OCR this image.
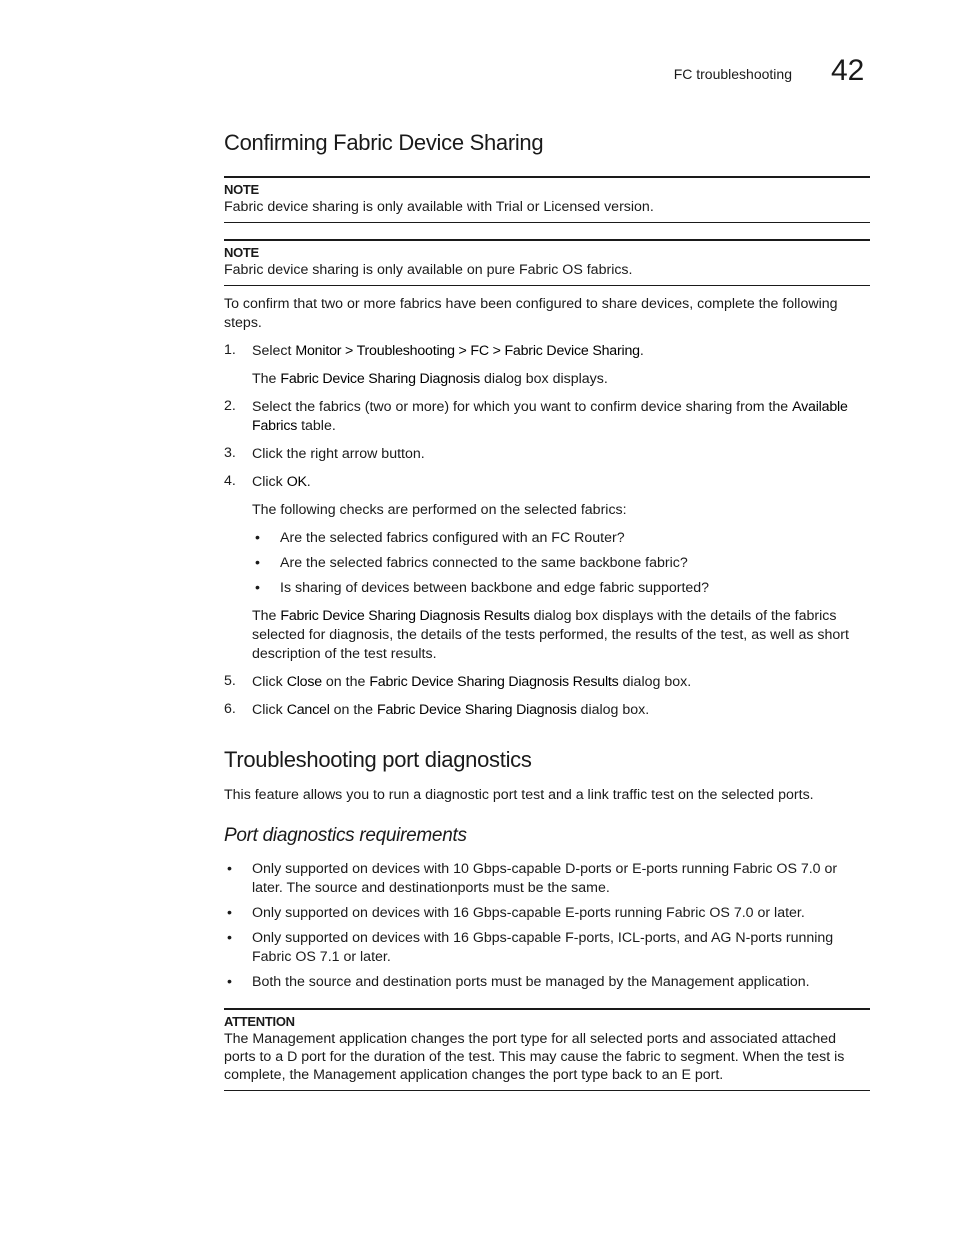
FC troubleshooting 42
Confirming Fabric Device Sharing
NOTE
Fabric device sharing is only available with Trial or Licensed version.
NOTE
Fabric device sharing is only available on pure Fabric OS fabrics.

To confirm that two or more fabrics have been configured to share devices, complete the following steps.

1. Select Monitor > Troubleshooting > FC > Fabric Device Sharing.

The Fabric Device Sharing Diagnosis dialog box displays.

2. Select the fabrics (two or more) for which you want to confirm device sharing from the Available Fabrics table.

3. Click the right arrow button.

4. Click OK.

The following checks are performed on the selected fabrics:

• Are the selected fabrics configured with an FC Router?
• Are the selected fabrics connected to the same backbone fabric?
• Is sharing of devices between backbone and edge fabric supported?

The Fabric Device Sharing Diagnosis Results dialog box displays with the details of the fabrics selected for diagnosis, the details of the tests performed, the results of the test, as well as short description of the test results.

5. Click Close on the Fabric Device Sharing Diagnosis Results dialog box.

6. Click Cancel on the Fabric Device Sharing Diagnosis dialog box.

Troubleshooting port diagnostics

This feature allows you to run a diagnostic port test and a link traffic test on the selected ports.

Port diagnostics requirements
• Only supported on devices with 10 Gbps-capable D-ports or E-ports running Fabric OS 7.0 or later. The source and destinationports must be the same.
• Only supported on devices with 16 Gbps-capable E-ports running Fabric OS 7.0 or later.
• Only supported on devices with 16 Gbps-capable F-ports, ICL-ports, and AG N-ports running Fabric OS 7.1 or later.
• Both the source and destination ports must be managed by the Management application.
ATTENTION
The Management application changes the port type for all selected ports and associated attached ports to a D port for the duration of the test. This may cause the fabric to segment. When the test is complete, the Management application changes the port type back to an E port.
